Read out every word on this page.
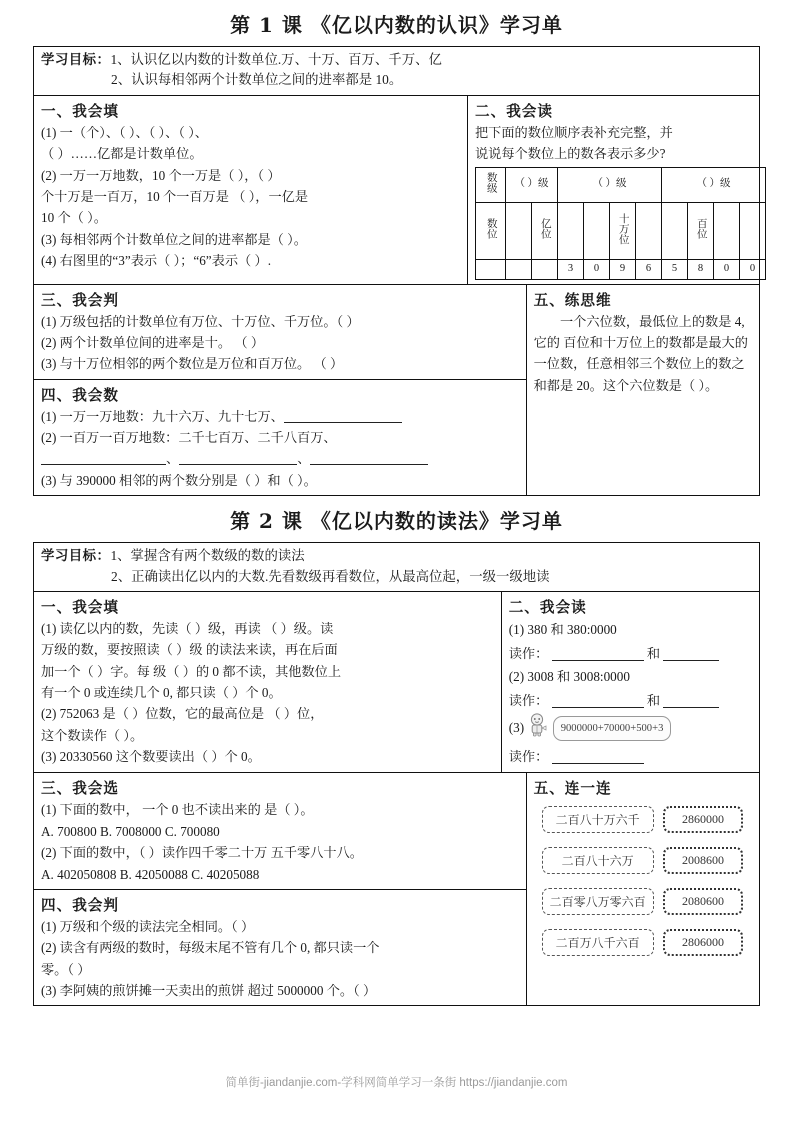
第 1 课 《亿以内数的认识》学习单
学习目标：1、认识亿以内数的计数单位.万、十万、百万、千万、亿
2、认识每相邻两个计数单位之间的进率都是 10。
一、我会填
(1) 一（个）、（ ）、（ ）、（ ）、
（ ）……亿都是计数单位。
(2) 一万一万地数，10 个一万是（ ），（ ）
个十万是一百万，10 个一百万是 （ ），一亿是
10 个（ ）。
(3) 每相邻两个计数单位之间的进率都是（ ）。
(4) 右图里的“3”表示（ ）；“6”表示（ ）.
二、我会读
把下面的数位顺序表补充完整，并
说说每个数位上的数各表示多少?
数级	（ ）级		（ ）级				（ ）级			
数位		亿位			十万位			百位		
			3	0	9	6	5	8	0	0
三、我会判
(1) 万级包括的计数单位有万位、十万位、千万位。（ ）
(2) 两个计数单位间的进率是十。 （ ）
(3) 与十万位相邻的两个数位是万位和百万位。 （ ）
四、我会数
(1) 一万一万地数：九十六万、九十七万、
(2) 一百万一百万地数：二千七百万、二千八百万、
、	、
(3) 与 390000 相邻的两个数分别是（ ）和（ ）。
五、练思维
一个六位数，最低位上的数是 4, 它的 百位和十万位上的数都是最大的一位数，任意相邻三个数位上的数之和都是 20。这个六位数是（ ）。
第 2 课 《亿以内数的读法》学习单
学习目标：1、掌握含有两个数级的数的读法
2、正确读出亿以内的大数.先看数级再看数位，从最高位起，一级一级地读
一、我会填
(1) 读亿以内的数，先读（ ）级，再读 （ ）级。读
万级的数，要按照读（ ）级 的读法来读，再在后面
加一个（ ）字。每 级（ ）的 0 都不读，其他数位上
有一个 0 或连续几个 0, 都只读（ ）个 0。
(2) 752063 是（ ）位数，它的最高位是 （ ）位，
这个数读作（ ）。
(3) 20330560 这个数要读出（ ）个 0。
二、我会读
(1) 380 和 380:0000
读作：	和
(2) 3008 和 3008:0000
读作：	和
(3)	9000000+70000+500+3
读作：
三、我会选
(1) 下面的数中， 一个 0 也不读出来的 是（ ）。
A. 700800 B. 7008000 C. 700080
(2) 下面的数中，（ ）读作四千零二十万 五千零八十八。
A. 402050808 B. 42050088 C. 40205088
四、我会判
(1) 万级和个级的读法完全相同。（ ）
(2) 读含有两级的数时，每级末尾不管有几个 0, 都只读一个
零。（ ）
(3) 李阿姨的煎饼摊一天卖出的煎饼 超过 5000000 个。（ ）
五、连一连
二百八十万六千
二百八十六万
二百零八万零六百
二百万八千六百
2860000
2008600
2080600
2806000
简单街-jiandanjie.com-学科网简单学习一条街 https://jiandanjie.com
